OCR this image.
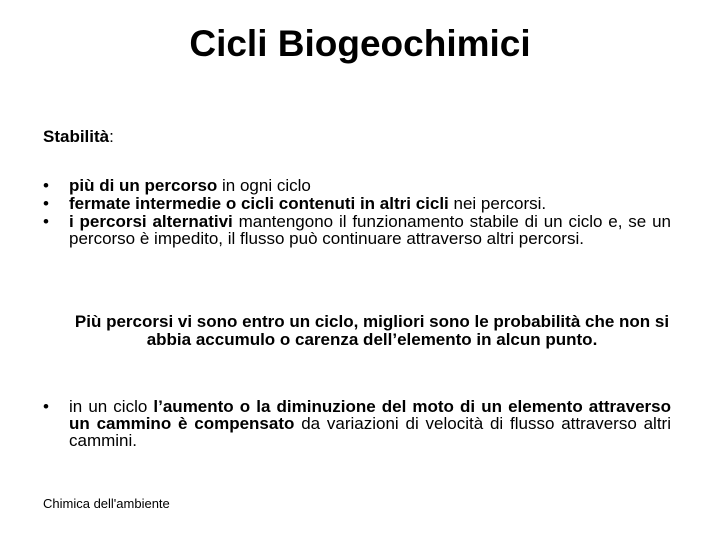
Cicli Biogeochimici
Stabilità:
• più di un percorso in ogni ciclo
• fermate intermedie o cicli contenuti in altri cicli nei percorsi.
• i percorsi alternativi mantengono il funzionamento stabile di un ciclo e, se un percorso è impedito, il flusso può continuare attraverso altri percorsi.
Più percorsi vi sono entro un ciclo, migliori sono le probabilità che non si abbia accumulo o carenza dell’elemento in alcun punto.
• in un ciclo l’aumento o la diminuzione del moto di un elemento attraverso un cammino è compensato da variazioni di velocità di flusso attraverso altri cammini.
Chimica dell'ambiente
